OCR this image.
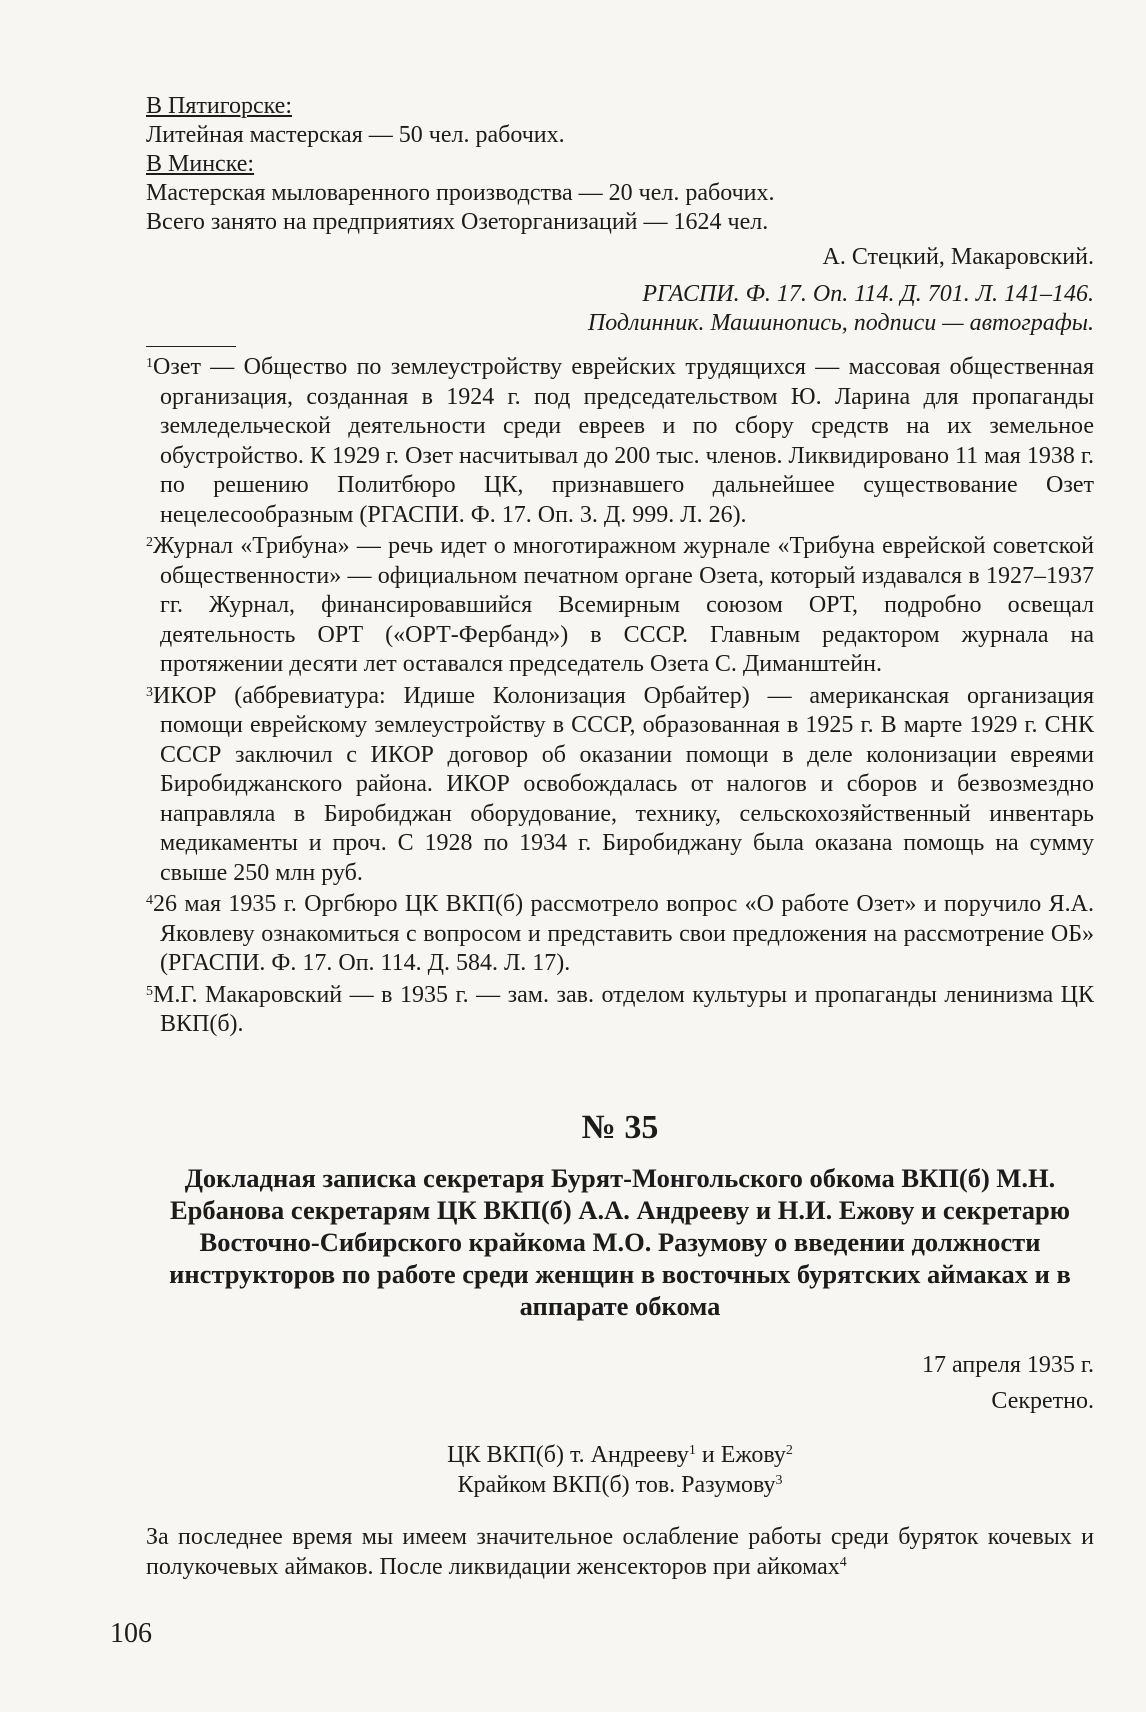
В Пятигорске:
Литейная мастерская — 50 чел. рабочих.
В Минске:
Мастерская мыловаренного производства — 20 чел. рабочих.
Всего занято на предприятиях Озеторганизаций — 1624 чел.
А. Стецкий, Макаровский.
РГАСПИ. Ф. 17. Оп. 114. Д. 701. Л. 141–146.
Подлинник. Машинопись, подписи — автографы.
$^1$Озет — Общество по землеустройству еврейских трудящихся — массовая общественная организация, созданная в 1924 г. под председательством Ю. Ларина для пропаганды земледельческой деятельности среди евреев и по сбору средств на их земельное обустройство. К 1929 г. Озет насчитывал до 200 тыс. членов. Ликвидировано 11 мая 1938 г. по решению Политбюро ЦК, признавшего дальнейшее существование Озет нецелесообразным (РГАСПИ. Ф. 17. Оп. 3. Д. 999. Л. 26).
$^2$Журнал «Трибуна» — речь идет о многотиражном журнале «Трибуна еврейской советской общественности» — официальном печатном органе Озета, который издавался в 1927–1937 гг. Журнал, финансировавшийся Всемирным союзом ОРТ, подробно освещал деятельность ОРТ («ОРТ-Фербанд») в СССР. Главным редактором журнала на протяжении десяти лет оставался председатель Озета С. Диманштейн.
$^3$ИКОР (аббревиатура: Идише Колонизация Орбайтер) — американская организация помощи еврейскому землеустройству в СССР, образованная в 1925 г. В марте 1929 г. СНК СССР заключил с ИКОР договор об оказании помощи в деле колонизации евреями Биробиджанского района. ИКОР освобождалась от налогов и сборов и безвозмездно направляла в Биробиджан оборудование, технику, сельскохозяйственный инвентарь медикаменты и проч. С 1928 по 1934 г. Биробиджану была оказана помощь на сумму свыше 250 млн руб.
$^4$26 мая 1935 г. Оргбюро ЦК ВКП(б) рассмотрело вопрос «О работе Озет» и поручило Я.А. Яковлеву ознакомиться с вопросом и представить свои предложения на рассмотрение ОБ» (РГАСПИ. Ф. 17. Оп. 114. Д. 584. Л. 17).
$^5$М.Г. Макаровский — в 1935 г. — зам. зав. отделом культуры и пропаганды ленинизма ЦК ВКП(б).
№ 35
Докладная записка секретаря Бурят-Монгольского обкома ВКП(б) М.Н. Ербанова секретарям ЦК ВКП(б) А.А. Андрееву и Н.И. Ежову и секретарю Восточно-Сибирского крайкома М.О. Разумову о введении должности инструкторов по работе среди женщин в восточных бурятских аймаках и в аппарате обкома
17 апреля 1935 г.
Секретно.
ЦК ВКП(б) т. Андрееву$^1$ и Ежову$^2$
Крайком ВКП(б) тов. Разумову$^3$
За последнее время мы имеем значительное ослабление работы среди буряток кочевых и полукочевых аймаков. После ликвидации женсекторов при айкомах$^4$
106
